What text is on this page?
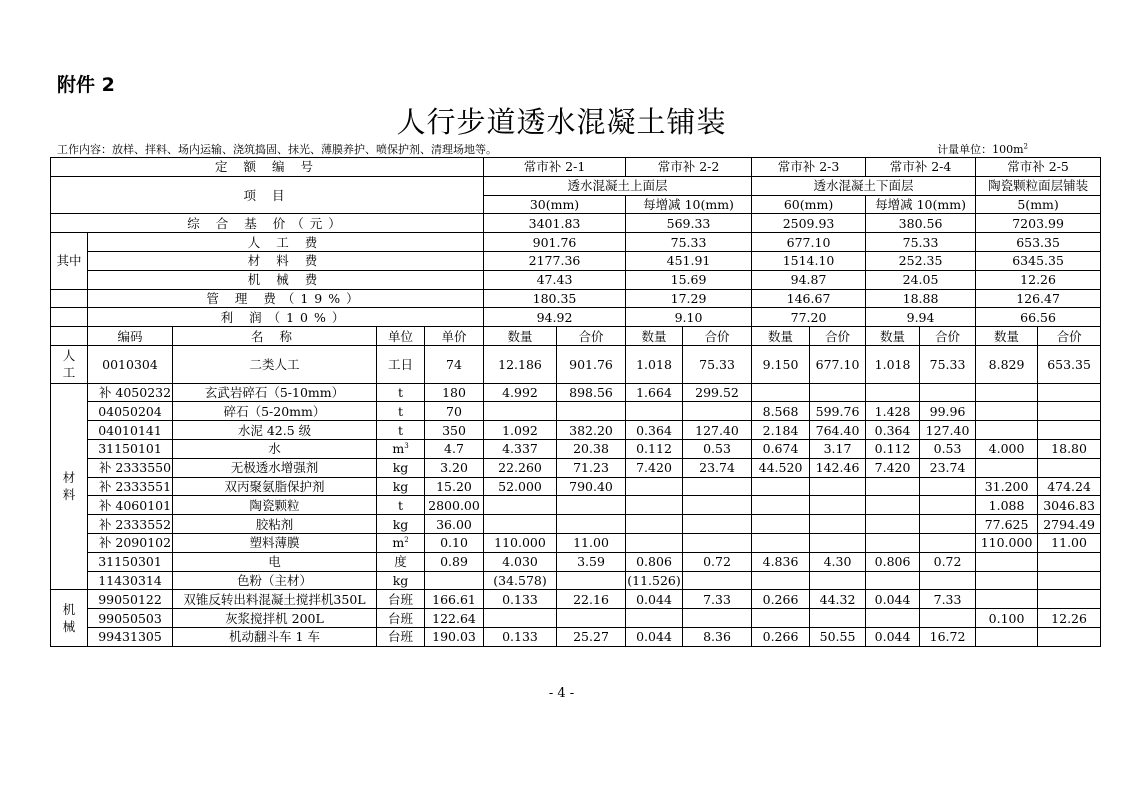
附件 2
人行步道透水混凝土铺装
工作内容：放样、拌料、场内运输、浇筑捣固、抹光、薄膜养护、喷保护剂、清理场地等。	计量单位：$100m^2$
定 额 编 号					常市补 2-1		常市补 2-2		常市补 2-3		常市补 2-4		常市补 2-5	
项 目					透水混凝土上面层				透水混凝土下面层				陶瓷颗粒面层铺装	
					30(mm)		每增减 10(mm)		60(mm)		每增减 10(mm)		5(mm)	
综 合 基 价（元）					3401.83		569.33		2509.93		380.56		7203.99	
其中	人 工 费				901.76		75.33		677.10		75.33		653.35	
	材 料 费				2177.36		451.91		1514.10		252.35		6345.35	
	机 械 费				47.43		15.69		94.87		24.05		12.26	
	管 理 费（19%）				180.35		17.29		146.67		18.88		126.47	
	利 润（10%）				94.92		9.10		77.20		9.94		66.56	
	编码	名 称	单位	单价	数量	合价	数量	合价	数量	合价	数量	合价	数量	合价
人工	0010304	二类人工	工日	74	12.186	901.76	1.018	75.33	9.150	677.10	1.018	75.33	8.829	653.35
材料	补 4050232	玄武岩碎石（5-10mm）	t	180	4.992	898.56	1.664	299.52						
	04050204	碎石（5-20mm）	t	70					8.568	599.76	1.428	99.96		
	04010141	水泥 42.5 级	t	350	1.092	382.20	0.364	127.40	2.184	764.40	0.364	127.40		
	31150101	水	$m^3$	4.7	4.337	20.38	0.112	0.53	0.674	3.17	0.112	0.53	4.000	18.80
	补 2333550	无极透水增强剂	kg	3.20	22.260	71.23	7.420	23.74	44.520	142.46	7.420	23.74		
	补 2333551	双丙聚氨脂保护剂	kg	15.20	52.000	790.40							31.200	474.24
	补 4060101	陶瓷颗粒	t	2800.00									1.088	3046.83
	补 2333552	胶粘剂	kg	36.00									77.625	2794.49
	补 2090102	塑料薄膜	$m^2$	0.10	110.000	11.00							110.000	11.00
	31150301	电	度	0.89	4.030	3.59	0.806	0.72	4.836	4.30	0.806	0.72		
	11430314	色粉（主材）	kg		(34.578)		(11.526)							
机械	99050122	双锥反转出料混凝土搅拌机350L	台班	166.61	0.133	22.16	0.044	7.33	0.266	44.32	0.044	7.33		
	99050503	灰浆搅拌机 200L	台班	122.64									0.100	12.26
	99431305	机动翻斗车 1 车	台班	190.03	0.133	25.27	0.044	8.36	0.266	50.55	0.044	16.72		
- 4 -
